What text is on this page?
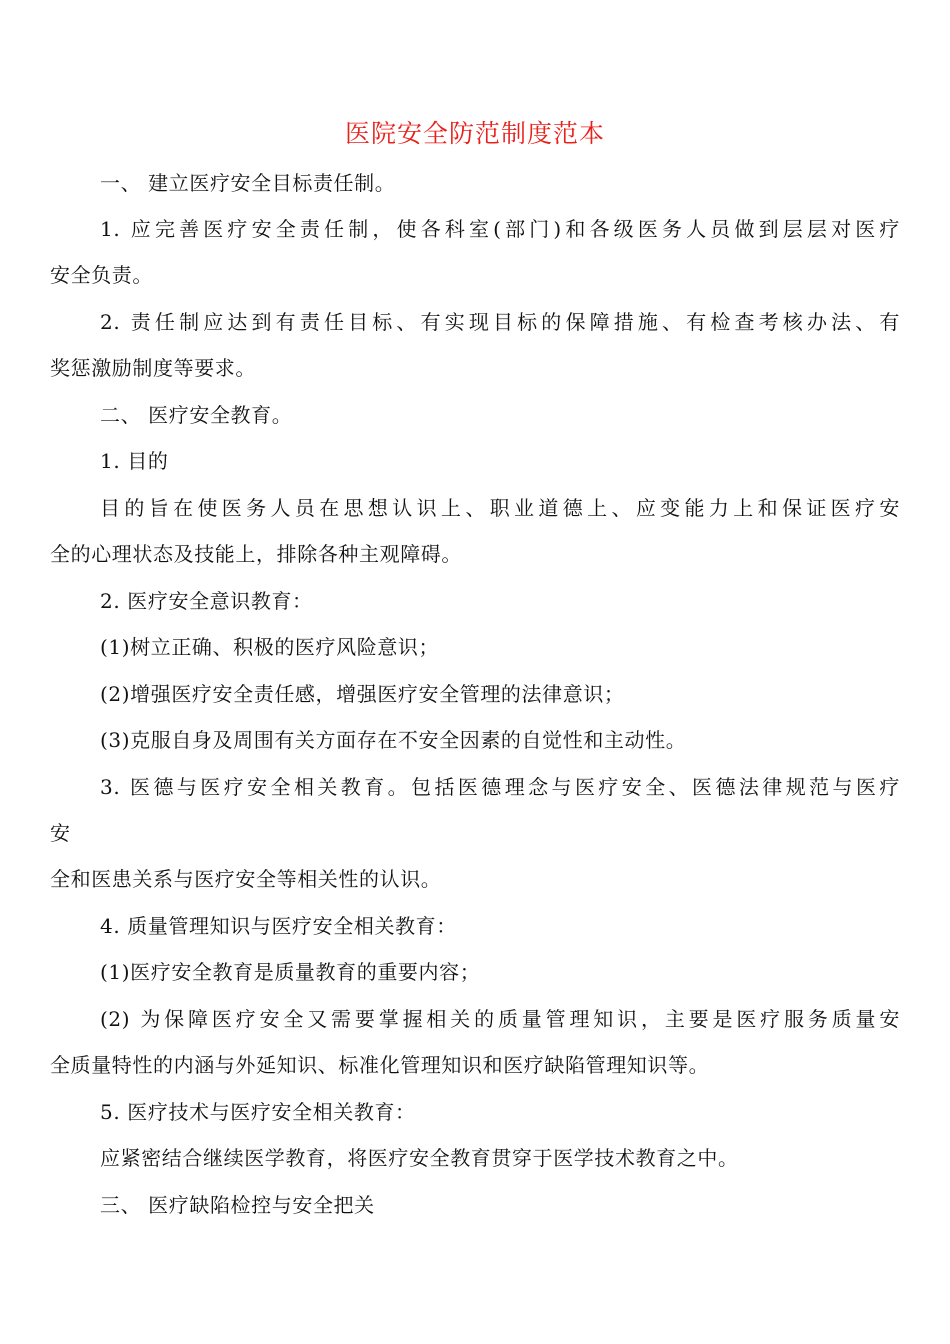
医院安全防范制度范本
一、 建立医疗安全目标责任制。
1. 应完善医疗安全责任制，使各科室(部门)和各级医务人员做到层层对医疗
安全负责。
2. 责任制应达到有责任目标、有实现目标的保障措施、有检查考核办法、有
奖惩激励制度等要求。
二、 医疗安全教育。
1. 目的
目的旨在使医务人员在思想认识上、职业道德上、应变能力上和保证医疗安
全的心理状态及技能上，排除各种主观障碍。
2. 医疗安全意识教育：
(1)树立正确、积极的医疗风险意识；
(2)增强医疗安全责任感，增强医疗安全管理的法律意识；
(3)克服自身及周围有关方面存在不安全因素的自觉性和主动性。
3. 医德与医疗安全相关教育。包括医德理念与医疗安全、医德法律规范与医疗
安
全和医患关系与医疗安全等相关性的认识。
4. 质量管理知识与医疗安全相关教育：
(1)医疗安全教育是质量教育的重要内容；
(2) 为保障医疗安全又需要掌握相关的质量管理知识，主要是医疗服务质量安
全质量特性的内涵与外延知识、标准化管理知识和医疗缺陷管理知识等。
5. 医疗技术与医疗安全相关教育：
应紧密结合继续医学教育，将医疗安全教育贯穿于医学技术教育之中。
三、 医疗缺陷检控与安全把关
